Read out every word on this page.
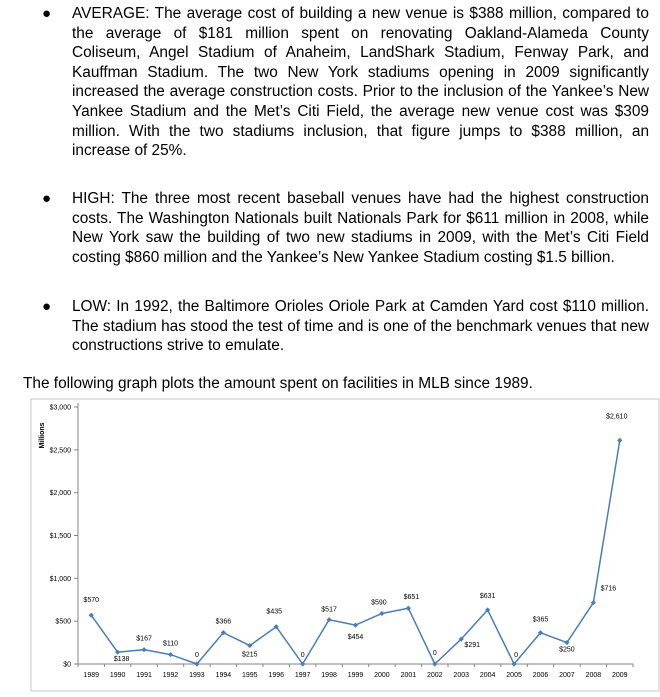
● AVERAGE: The average cost of building a new venue is $388 million, compared to the average of $181 million spent on renovating Oakland-Alameda County Coliseum, Angel Stadium of Anaheim, LandShark Stadium, Fenway Park, and Kauffman Stadium. The two New York stadiums opening in 2009 significantly increased the average construction costs. Prior to the inclusion of the Yankee’s New Yankee Stadium and the Met’s Citi Field, the average new venue cost was $309 million. With the two stadiums inclusion, that figure jumps to $388 million, an increase of 25%.
● HIGH: The three most recent baseball venues have had the highest construction costs. The Washington Nationals built Nationals Park for $611 million in 2008, while New York saw the building of two new stadiums in 2009, with the Met’s Citi Field costing $860 million and the Yankee’s New Yankee Stadium costing $1.5 billion.
● LOW: In 1992, the Baltimore Orioles Oriole Park at Camden Yard cost $110 million. The stadium has stood the test of time and is one of the benchmark venues that new constructions strive to emulate.
The following graph plots the amount spent on facilities in MLB since 1989.
$0
$500
$1,000
$1,500
$2,000
$2,500
$3,000
Millions
1989 1990 1991 1992 1993 1994 1995 1996 1997 1998 1999 2000 2001 2002 2003 2004 2005 2006 2007 2008 2009
$570
$138
$167
$110
0
$366
$215
$435
0
$517
$454
$590
$651
0
$291
$631
0
$365
$250
$716
$2,610
